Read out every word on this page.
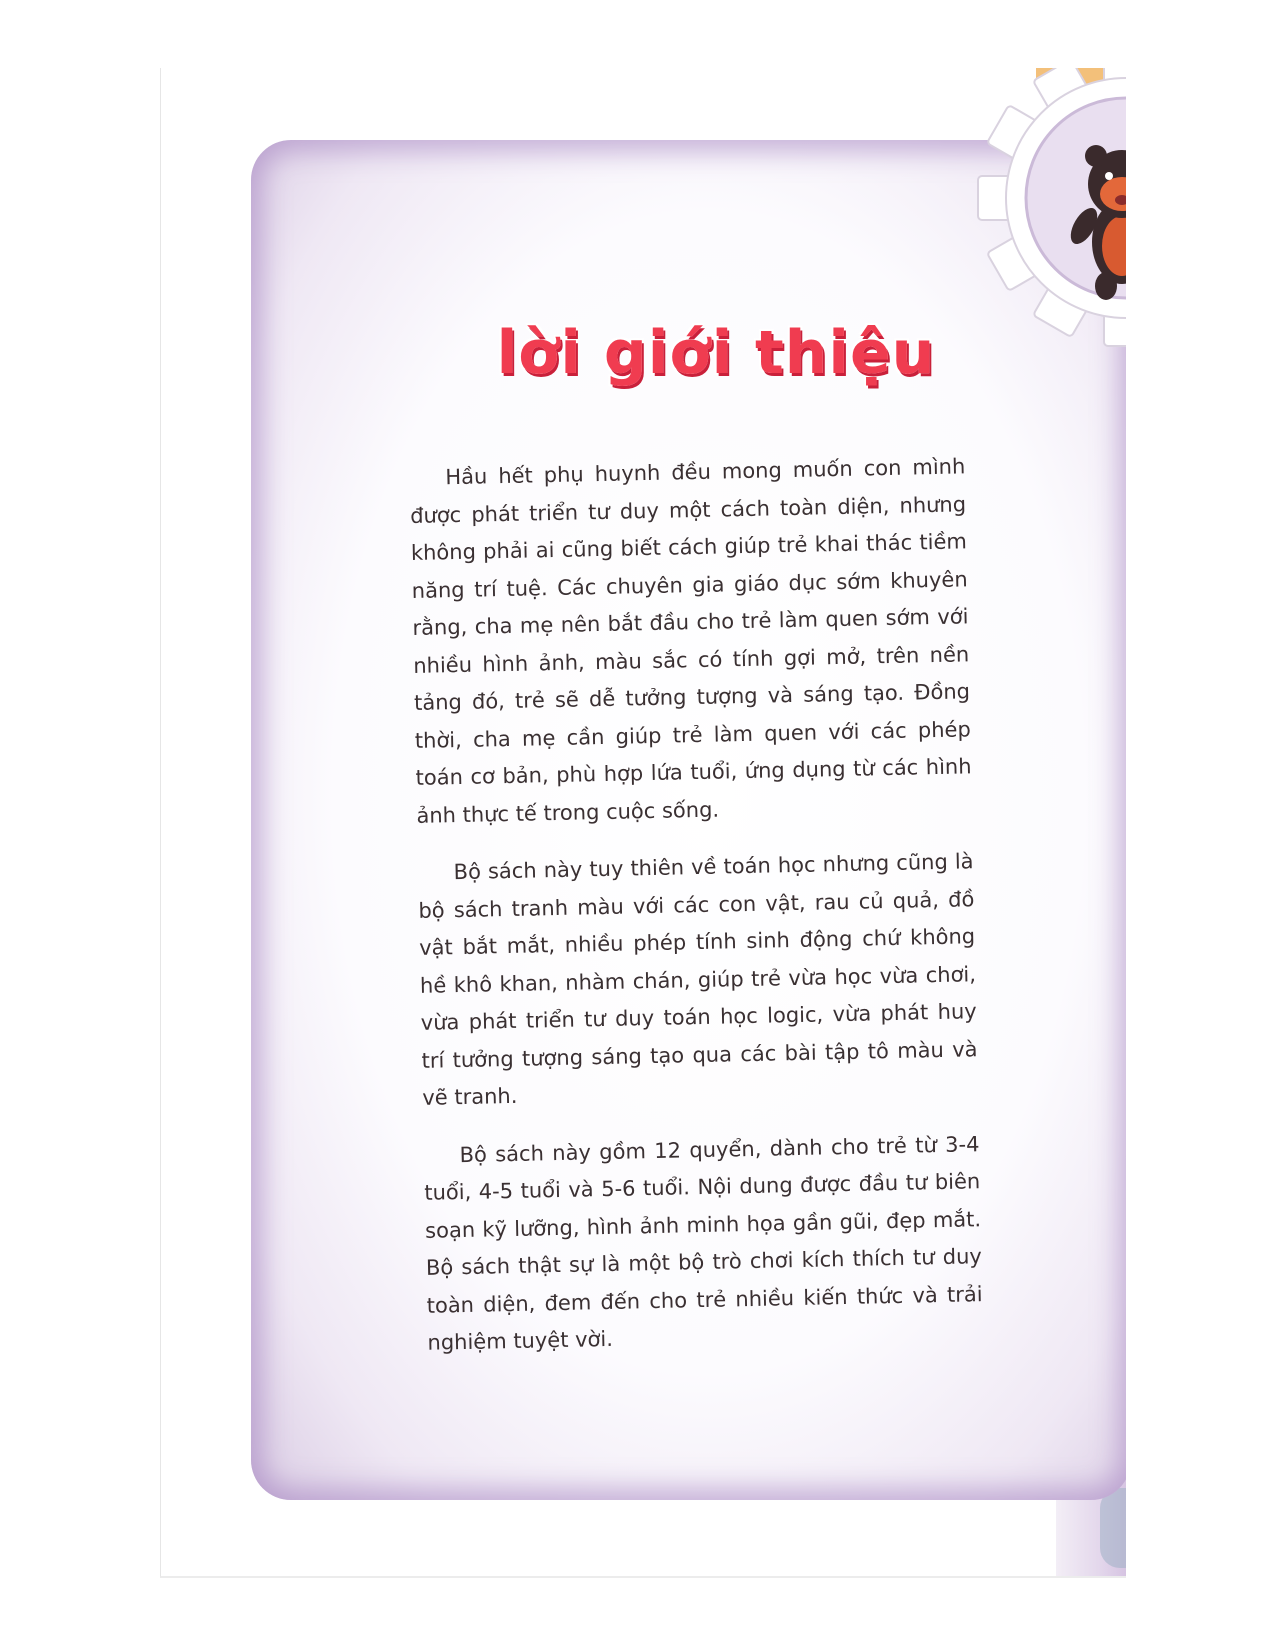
lời giới thiệu

Hầu hết phụ huynh đều mong muốn con mình được phát triển tư duy một cách toàn diện, nhưng không phải ai cũng biết cách giúp trẻ khai thác tiềm năng trí tuệ. Các chuyên gia giáo dục sớm khuyên rằng, cha mẹ nên bắt đầu cho trẻ làm quen sớm với nhiều hình ảnh, màu sắc có tính gợi mở, trên nền tảng đó, trẻ sẽ dễ tưởng tượng và sáng tạo. Đồng thời, cha mẹ cần giúp trẻ làm quen với các phép toán cơ bản, phù hợp lứa tuổi, ứng dụng từ các hình ảnh thực tế trong cuộc sống.

Bộ sách này tuy thiên về toán học nhưng cũng là bộ sách tranh màu với các con vật, rau củ quả, đồ vật bắt mắt, nhiều phép tính sinh động chứ không hề khô khan, nhàm chán, giúp trẻ vừa học vừa chơi, vừa phát triển tư duy toán học logic, vừa phát huy trí tưởng tượng sáng tạo qua các bài tập tô màu và vẽ tranh.

Bộ sách này gồm 12 quyển, dành cho trẻ từ 3-4 tuổi, 4-5 tuổi và 5-6 tuổi. Nội dung được đầu tư biên soạn kỹ lưỡng, hình ảnh minh họa gần gũi, đẹp mắt. Bộ sách thật sự là một bộ trò chơi kích thích tư duy toàn diện, đem đến cho trẻ nhiều kiến thức và trải nghiệm tuyệt vời.
